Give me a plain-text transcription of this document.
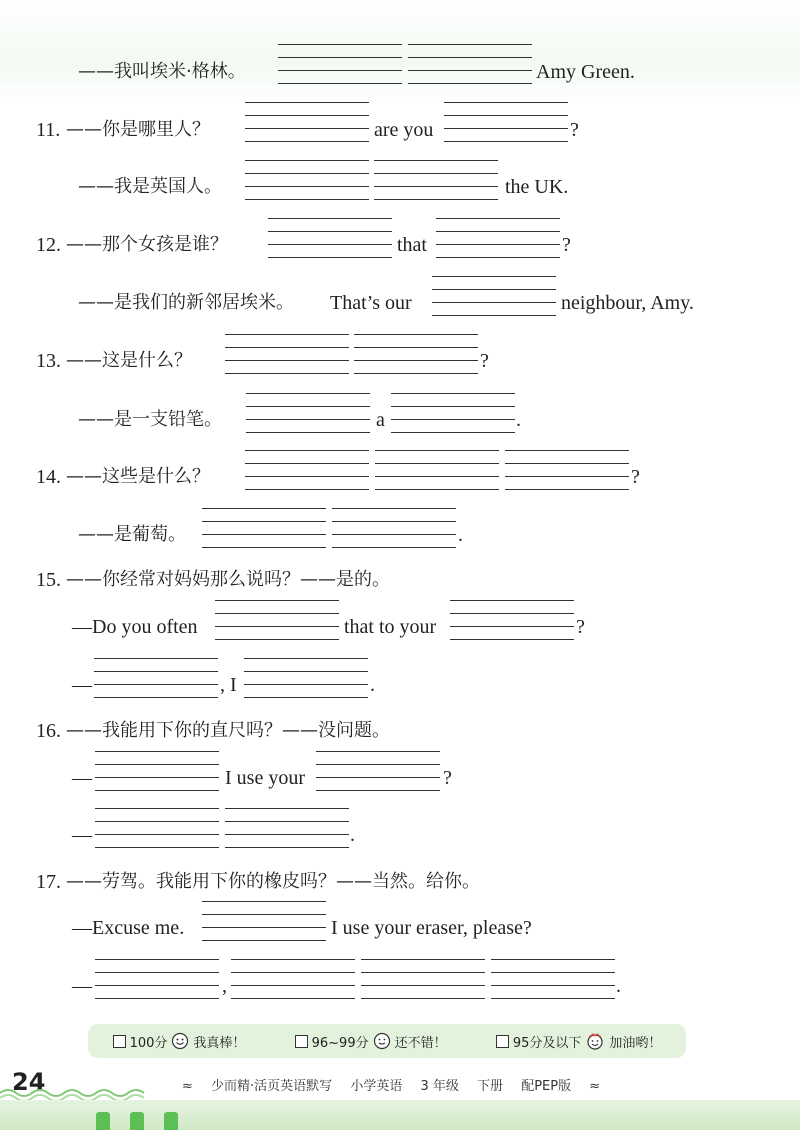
——我叫埃米·格林。	Amy Green.
11. ——你是哪里人？	are you	?
——我是英国人。	the UK.
12. ——那个女孩是谁？	that	?
——是我们的新邻居埃米。 That’s our	neighbour, Amy.
13. ——这是什么？	?
——是一支铅笔。	a	.
14. ——这些是什么？	?
——是葡萄。	.
15. ——你经常对妈妈那么说吗？——是的。
—Do you often	that to your	?
—	, I	.
16. ——我能用下你的直尺吗？——没问题。
—	I use your	?
—	.
17. ——劳驾。我能用下你的橡皮吗？——当然。给你。
—Excuse me.	I use your eraser, please?
—	,	.
100分 我真棒！	96~99分 还不错！	95分及以下 加油哟！
24	≈ 少而精·活页英语默写 小学英语 3 年级 下册 配PEP版 ≈
